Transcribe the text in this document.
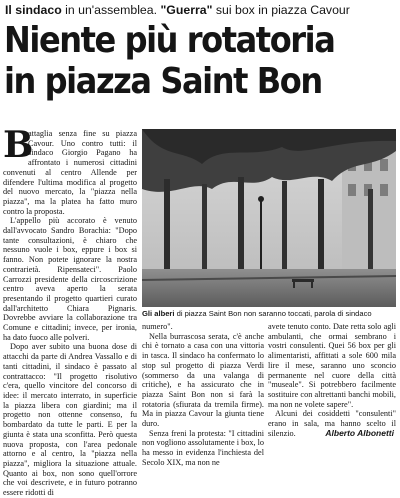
Il sindaco in un'assemblea. "Guerra" sui box in piazza Cavour
Niente più rotatoria
in piazza Saint Bon

B
attaglia senza fine su piazza Cavour. Uno contro tutti: il sindaco Giorgio Pagano ha affrontato i numerosi cittadini convenuti al centro Allende per difendere l'ultima modifica al progetto del nuovo mercato, la "piazza nella piazza", ma la platea ha fatto muro contro la proposta.

L'appello più accorato è venuto dall'avvocato Sandro Borachia: "Dopo tante consultazioni, è chiaro che nessuno vuole i box, eppure i box si fanno. Non potete ignorare la nostra contrarietà. Ripensateci". Paolo Carrozzi presidente della circoscrizione centro aveva aperto la serata presentando il progetto quartieri curato dall'architetto Chiara Pignaris. Dovrebbe avviare la collaborazione tra Comune e cittadini; invece, per ironia, ha dato fuoco alle polveri.

Dopo aver subito una buona dose di attacchi da parte di Andrea Vassallo e di tanti cittadini, il sindaco è passato al contrattacco: "Il progetto risolutivo c'era, quello vincitore del concorso di idee: il mercato interrato, in superficie la piazza libera con giardini; ma il progetto non ottenne consenso, fu bombardato da tutte le parti. E per la giunta è stata una sconfitta. Però questa nuova proposta, con l'area pedonale attorno e al centro, la "piazza nella piazza", migliora la situazione attuale. Quanto ai box, non sono quell'orrore che voi descrivete, e in futuro potranno essere ridotti di

Gli alberi di piazza Saint Bon non saranno toccati, parola di sindaco

numero".

Nella burrascosa serata, c'è anche chi è tornato a casa con una vittoria in tasca. Il sindaco ha confermato lo stop sul progetto di piazza Verdi (sommerso da una valanga di critiche), e ha assicurato che in piazza Saint Bon non si farà la rotatoria (sfiurata da tremila firme). Ma in piazza Cavour la giunta tiene duro.

Senza freni la protesta: "I cittadini non vogliono assolutamente i box, lo ha messo in evidenza l'inchiesta del Secolo XIX, ma non ne

avete tenuto conto. Date retta solo agli ambulanti, che ormai sembrano i vostri consulenti. Quei 56 box per gli alimentaristi, affittati a sole 600 mila lire il mese, saranno uno sconcio permanente nel cuore della città "museale". Si potrebbero facilmente sostituire con altrettanti banchi mobili, ma non ne volete sapere".

Alcuni dei cosiddetti "consulenti" erano in sala, ma hanno scelto il silenzio.	Alberto Albonetti
